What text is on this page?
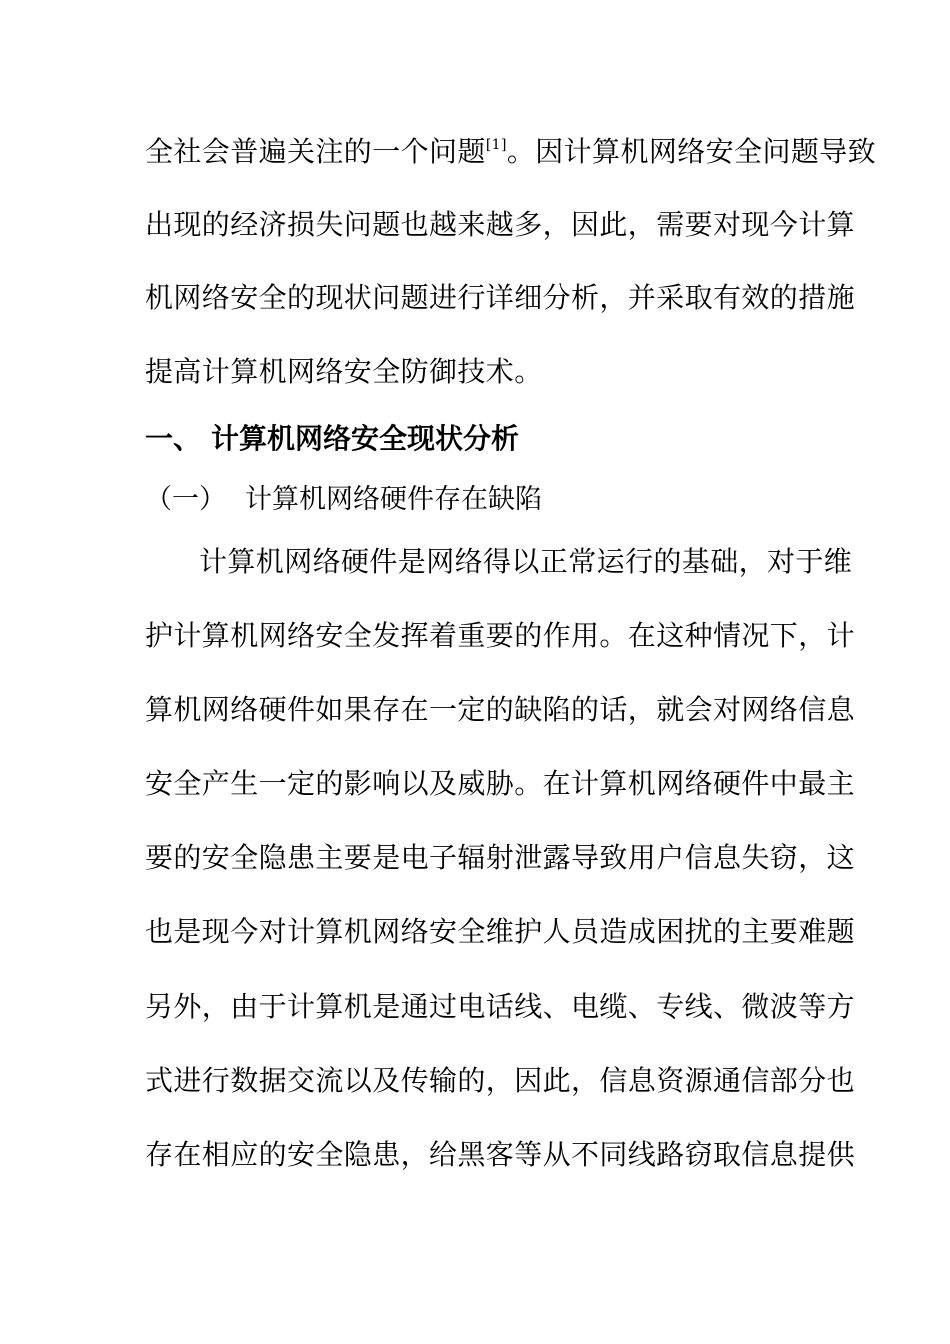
全社会普遍关注的一个问题[1]。因计算机网络安全问题导致
出现的经济损失问题也越来越多，因此，需要对现今计算
机网络安全的现状问题进行详细分析，并采取有效的措施
提高计算机网络安全防御技术。
一、 计算机网络安全现状分析
（一） 计算机网络硬件存在缺陷
计算机网络硬件是网络得以正常运行的基础，对于维
护计算机网络安全发挥着重要的作用。在这种情况下，计
算机网络硬件如果存在一定的缺陷的话，就会对网络信息
安全产生一定的影响以及威胁。在计算机网络硬件中最主
要的安全隐患主要是电子辐射泄露导致用户信息失窃，这
也是现今对计算机网络安全维护人员造成困扰的主要难题
另外，由于计算机是通过电话线、电缆、专线、微波等方
式进行数据交流以及传输的，因此，信息资源通信部分也
存在相应的安全隐患，给黑客等从不同线路窃取信息提供
